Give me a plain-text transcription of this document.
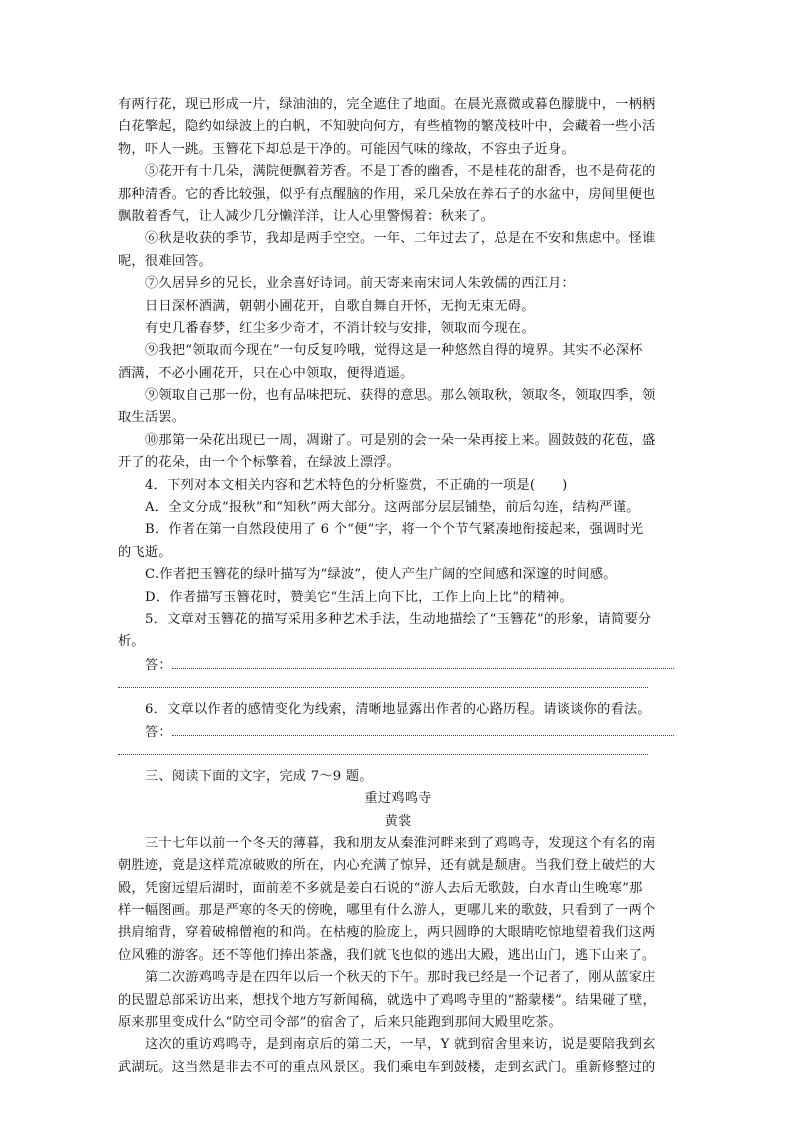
有两行花，现已形成一片，绿油油的，完全遮住了地面。在晨光熹微或暮色朦胧中，一柄柄
白花擎起，隐约如绿波上的白帆，不知驶向何方，有些植物的繁茂枝叶中，会藏着一些小活
物，吓人一跳。玉簪花下却总是干净的。可能因气味的缘故，不容虫子近身。
⑤花开有十几朵，满院便飘着芳香。不是丁香的幽香，不是桂花的甜香，也不是荷花的
那种清香。它的香比较强，似乎有点醒脑的作用，采几朵放在养石子的水盆中，房间里便也
飘散着香气，让人减少几分懒洋洋，让人心里警惕着：秋来了。
⑥秋是收获的季节，我却是两手空空。一年、二年过去了，总是在不安和焦虑中。怪谁
呢，很难回答。
⑦久居异乡的兄长，业余喜好诗词。前天寄来南宋词人朱敦儒的西江月：
日日深杯酒满，朝朝小圃花开，自歌自舞自开怀，无拘无束无碍。
有史几番春梦，红尘多少奇才，不消计较与安排，领取而今现在。
⑨我把“领取而今现在”一句反复吟哦，觉得这是一种悠然自得的境界。其实不必深杯
酒满，不必小圃花开，只在心中领取，便得逍遥。
⑨领取自己那一份，也有品味把玩、获得的意思。那么领取秋，领取冬，领取四季，领
取生活罢。
⑩那第一朵花出现已一周，凋谢了。可是别的会一朵一朵再接上来。圆鼓鼓的花苞，盛
开了的花朵，由一个个标擎着，在绿波上漂浮。
4．下列对本文相关内容和艺术特色的分析鉴赏，不正确的一项是(　　)
A．全文分成“报秋”和“知秋”两大部分。这两部分层层铺垫，前后勾连，结构严谨。
B．作者在第一自然段使用了 6 个“便”字，将一个个节气紧凑地衔接起来，强调时光
的飞逝。
C.作者把玉簪花的绿叶描写为“绿波”，使人产生广阔的空间感和深邃的时间感。
D．作者描写玉簪花时，赞美它“生活上向下比，工作上向上比”的精神。
5．文章对玉簪花的描写采用多种艺术手法，生动地描绘了“玉簪花”的形象，请简要分
析。
答：
6．文章以作者的感情变化为线索，清晰地显露出作者的心路历程。请谈谈你的看法。
答：
三、阅读下面的文字，完成 7～9 题。
重过鸡鸣寺
黄裳
三十七年以前一个冬天的薄暮，我和朋友从秦淮河畔来到了鸡鸣寺，发现这个有名的南
朝胜迹，竟是这样荒凉破败的所在，内心充满了惊异，还有就是颓唐。当我们登上破烂的大
殿，凭窗远望后湖时，面前差不多就是姜白石说的“游人去后无歌鼓，白水青山生晚寒”那
样一幅图画。那是严寒的冬天的傍晚，哪里有什么游人，更哪儿来的歌鼓，只看到了一两个
拱肩缩背，穿着破棉僧袍的和尚。在枯瘦的脸庞上，两只圆睁的大眼睛吃惊地望着我们这两
位风雅的游客。还不等他们捧出茶盏，我们就飞也似的逃出大殿，逃出山门，逃下山来了。
第二次游鸡鸣寺是在四年以后一个秋天的下午。那时我已经是一个记者了，刚从蓝家庄
的民盟总部采访出来，想找个地方写新闻稿，就选中了鸡鸣寺里的“豁蒙楼”。结果碰了壁，
原来那里变成什么“防空司令部”的宿舍了，后来只能跑到那间大殿里吃茶。
这次的重访鸡鸣寺，是到南京后的第二天，一早，Y 就到宿舍里来访，说是要陪我到玄
武湖玩。这当然是非去不可的重点风景区。我们乘电车到鼓楼，走到玄武门。重新修整过的
